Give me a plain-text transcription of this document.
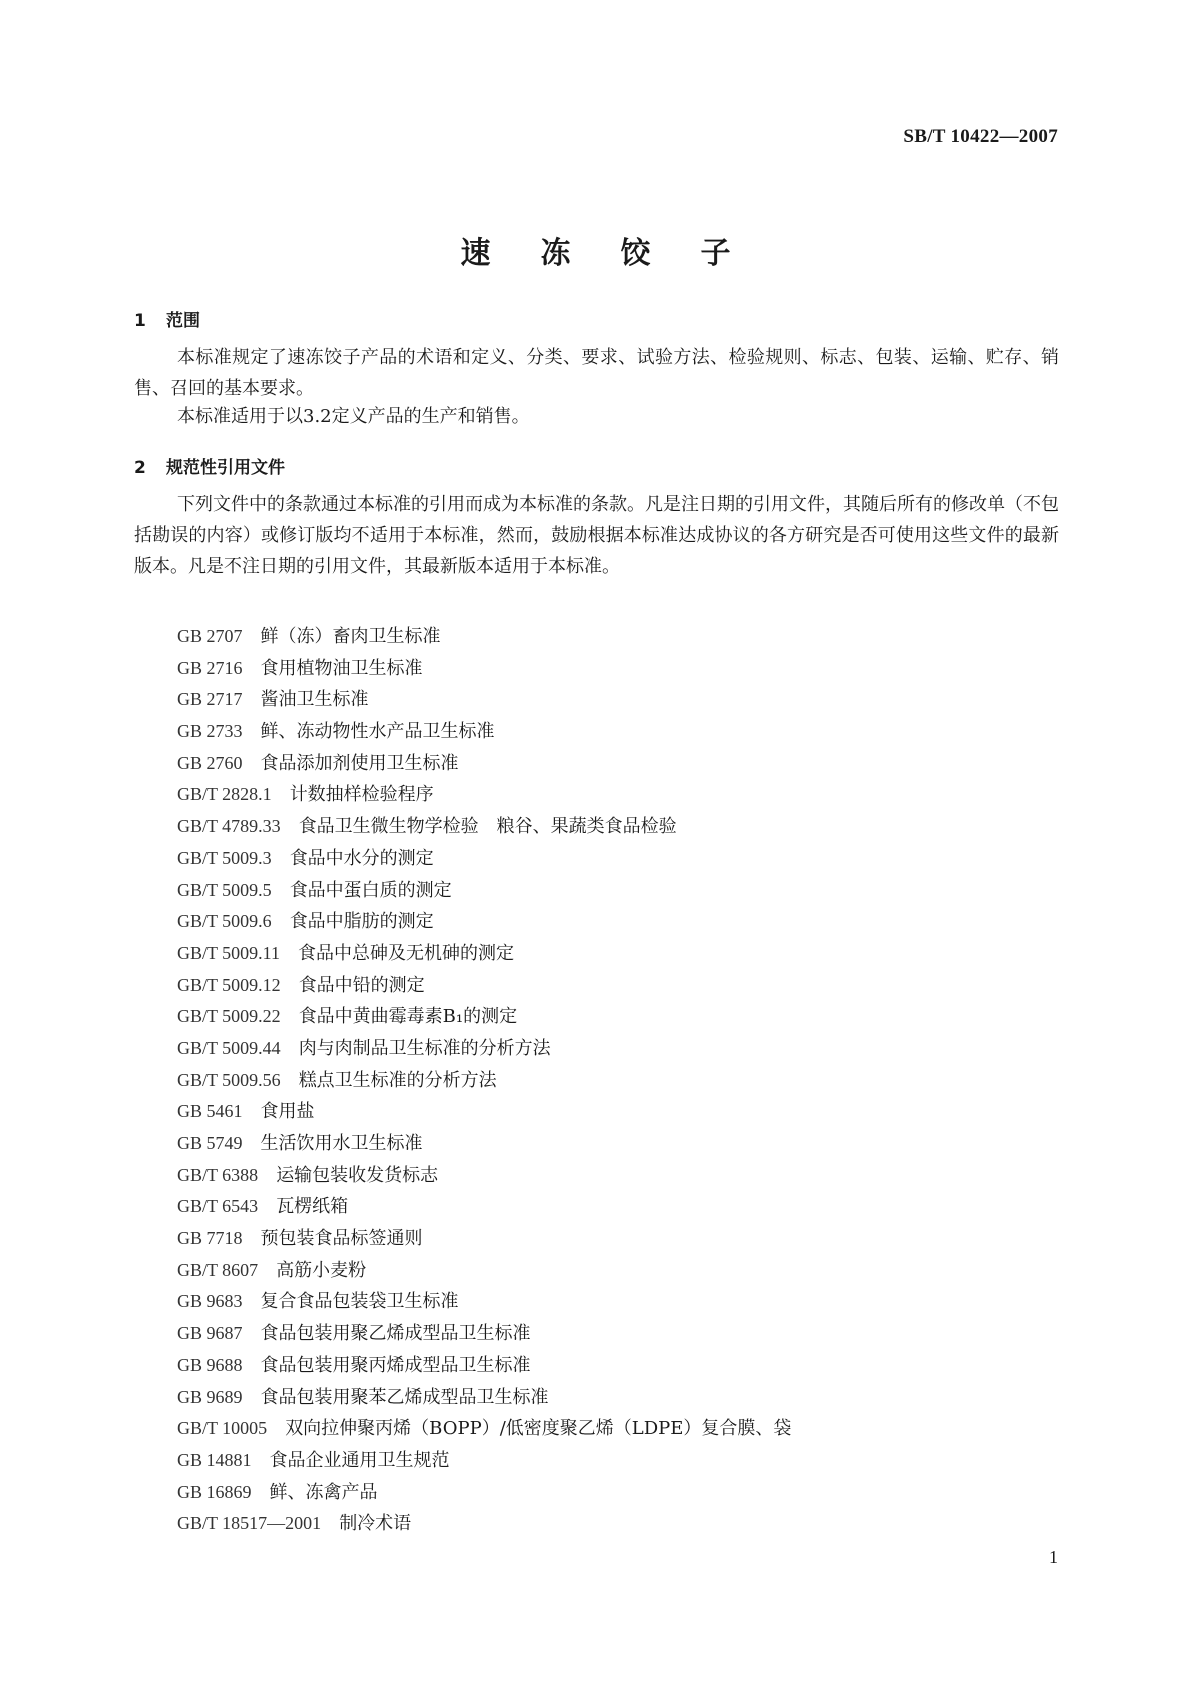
SB/T 10422—2007
速冻饺子
1 范围
本标准规定了速冻饺子产品的术语和定义、分类、要求、试验方法、检验规则、标志、包装、运输、贮存、销售、召回的基本要求。
本标准适用于以3.2定义产品的生产和销售。
2 规范性引用文件
下列文件中的条款通过本标准的引用而成为本标准的条款。凡是注日期的引用文件，其随后所有的修改单（不包括勘误的内容）或修订版均不适用于本标准，然而，鼓励根据本标准达成协议的各方研究是否可使用这些文件的最新版本。凡是不注日期的引用文件，其最新版本适用于本标准。
GB 2707 鲜（冻）畜肉卫生标准
GB 2716 食用植物油卫生标准
GB 2717 酱油卫生标准
GB 2733 鲜、冻动物性水产品卫生标准
GB 2760 食品添加剂使用卫生标准
GB/T 2828.1 计数抽样检验程序
GB/T 4789.33 食品卫生微生物学检验　粮谷、果蔬类食品检验
GB/T 5009.3 食品中水分的测定
GB/T 5009.5 食品中蛋白质的测定
GB/T 5009.6 食品中脂肪的测定
GB/T 5009.11 食品中总砷及无机砷的测定
GB/T 5009.12 食品中铅的测定
GB/T 5009.22 食品中黄曲霉毒素B₁的测定
GB/T 5009.44 肉与肉制品卫生标准的分析方法
GB/T 5009.56 糕点卫生标准的分析方法
GB 5461 食用盐
GB 5749 生活饮用水卫生标准
GB/T 6388 运输包装收发货标志
GB/T 6543 瓦楞纸箱
GB 7718 预包装食品标签通则
GB/T 8607 高筋小麦粉
GB 9683 复合食品包装袋卫生标准
GB 9687 食品包装用聚乙烯成型品卫生标准
GB 9688 食品包装用聚丙烯成型品卫生标准
GB 9689 食品包装用聚苯乙烯成型品卫生标准
GB/T 10005 双向拉伸聚丙烯（BOPP）/低密度聚乙烯（LDPE）复合膜、袋
GB 14881 食品企业通用卫生规范
GB 16869 鲜、冻禽产品
GB/T 18517—2001 制冷术语
1
